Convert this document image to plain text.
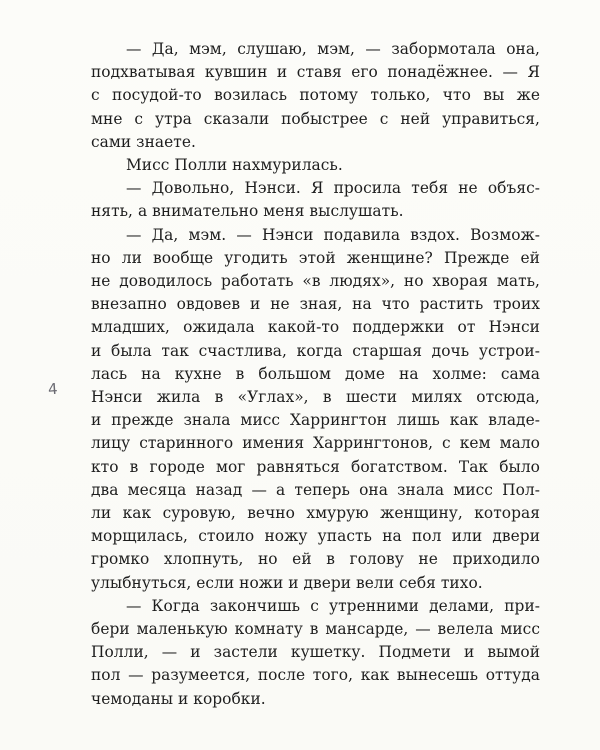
— Да, мэм, слушаю, мэм, — забормотала она,
подхватывая кувшин и ставя его понадёжнее. — Я
с посудой-то возилась потому только, что вы же
мне с утра сказали побыстрее с ней управиться,
сами знаете.
Мисс Полли нахмурилась.
— Довольно, Нэнси. Я просила тебя не объяс-
нять, а внимательно меня выслушать.
— Да, мэм. — Нэнси подавила вздох. Возмож-
но ли вообще угодить этой женщине? Прежде ей
не доводилось работать «в людях», но хворая мать,
внезапно овдовев и не зная, на что растить троих
младших, ожидала какой-то поддержки от Нэнси
и была так счастлива, когда старшая дочь устрои-
лась на кухне в большом доме на холме: сама
Нэнси жила в «Углах», в шести милях отсюда,
и прежде знала мисс Харрингтон лишь как владе-
лицу старинного имения Харрингтонов, с кем мало
кто в городе мог равняться богатством. Так было
два месяца назад — а теперь она знала мисс Пол-
ли как суровую, вечно хмурую женщину, которая
морщилась, стоило ножу упасть на пол или двери
громко хлопнуть, но ей в голову не приходило
улыбнуться, если ножи и двери вели себя тихо.
— Когда закончишь с утренними делами, при-
бери маленькую комнату в мансарде, — велела мисс
Полли, — и застели кушетку. Подмети и вымой
пол — разумеется, после того, как вынесешь оттуда
чемоданы и коробки.
4
